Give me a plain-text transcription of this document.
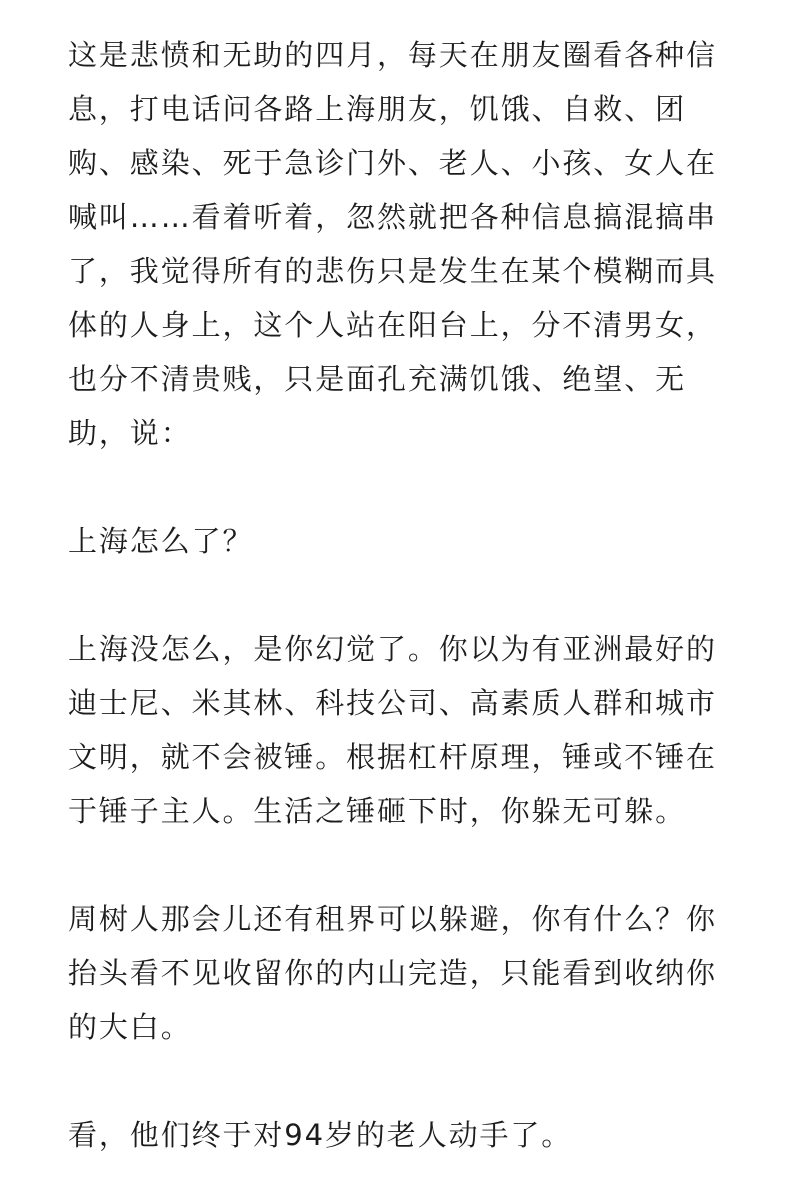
这是悲愤和无助的四月，每天在朋友圈看各种信
息，打电话问各路上海朋友，饥饿、自救、团
购、感染、死于急诊门外、老人、小孩、女人在
喊叫……看着听着，忽然就把各种信息搞混搞串
了，我觉得所有的悲伤只是发生在某个模糊而具
体的人身上，这个人站在阳台上，分不清男女，
也分不清贵贱，只是面孔充满饥饿、绝望、无
助，说：
上海怎么了？
上海没怎么，是你幻觉了。你以为有亚洲最好的
迪士尼、米其林、科技公司、高素质人群和城市
文明，就不会被锤。根据杠杆原理，锤或不锤在
于锤子主人。生活之锤砸下时，你躲无可躲。
周树人那会儿还有租界可以躲避，你有什么？你
抬头看不见收留你的内山完造，只能看到收纳你
的大白。
看，他们终于对94岁的老人动手了。
